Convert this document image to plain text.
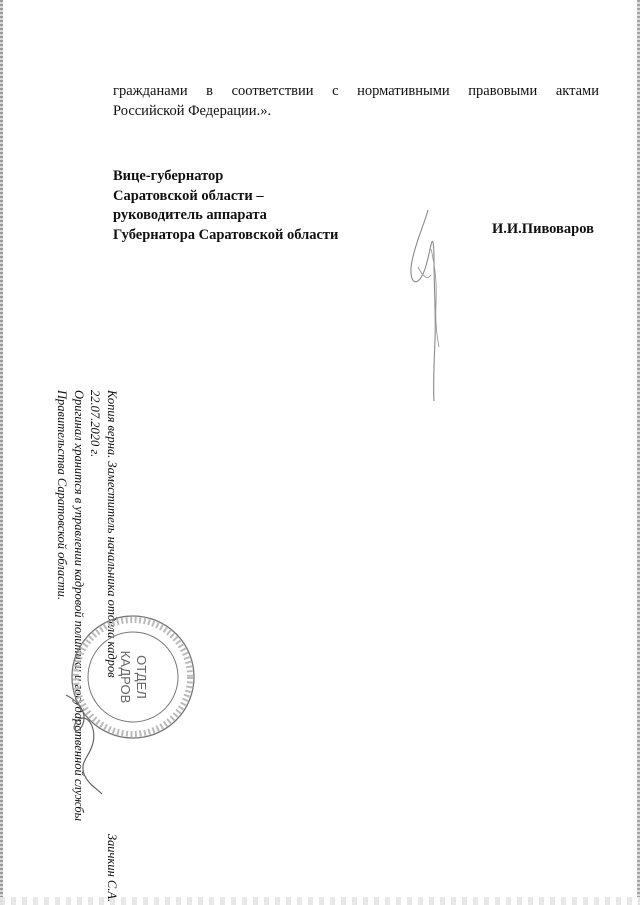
гражданами в соответствии с нормативными правовыми актами
Российской Федерации.».
Вице-губернатор
Саратовской области –
руководитель аппарата
Губернатора Саратовской области	И.И.Пивоваров
Копия верна. Заместитель начальника отдела кадров  Заичкин С.А.
22.07.2020 г.
Оригинал хранится в управлении кадровой политики и государственной службы
Правительства Саратовской области.
ОТДЕЛ
КАДРОВ
